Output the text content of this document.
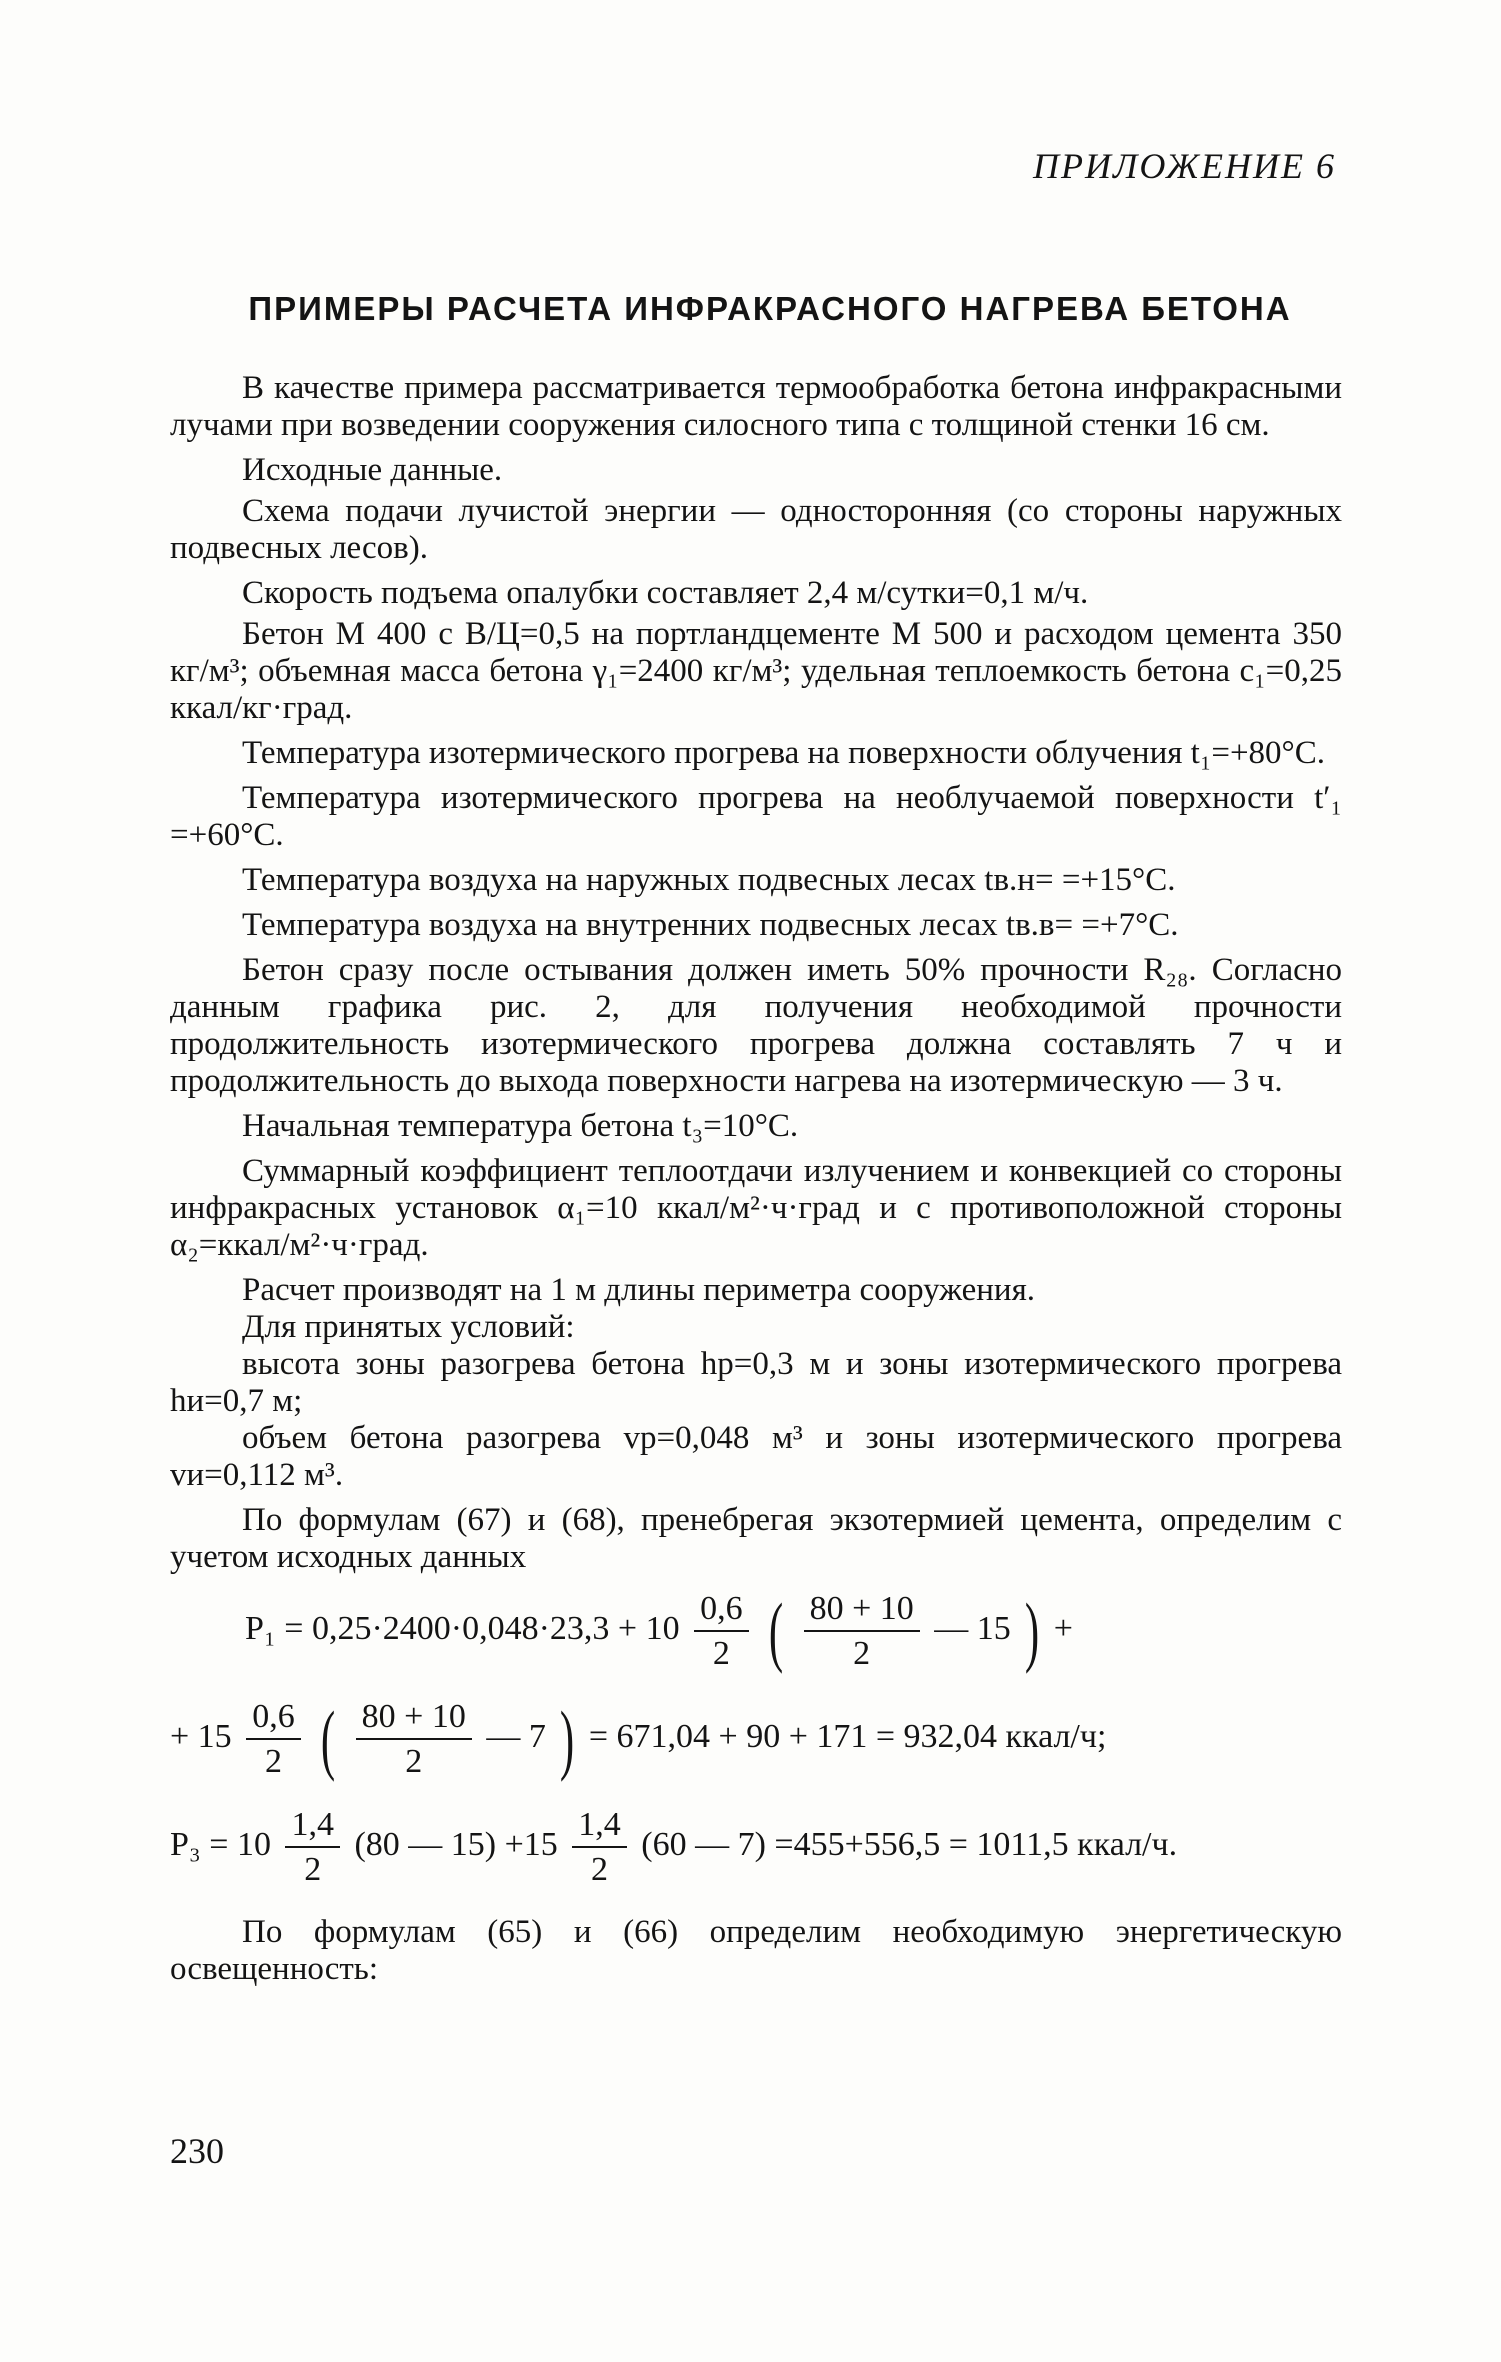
ПРИЛОЖЕНИЕ 6
ПРИМЕРЫ РАСЧЕТА ИНФРАКРАСНОГО НАГРЕВА БЕТОНА

В качестве примера рассматривается термообработка бетона инфракрасными лучами при возведении сооружения силосного типа с толщиной стенки 16 см.

Исходные данные.

Схема подачи лучистой энергии — односторонняя (со стороны наружных подвесных лесов).

Скорость подъема опалубки составляет 2,4 м/сутки=0,1 м/ч.

Бетон М 400 с В/Ц=0,5 на портландцементе М 500 и расходом цемента 350 кг/м³; объемная масса бетона γ₁=2400 кг/м³; удельная теплоемкость бетона c₁=0,25 ккал/кг·град.

Температура изотермического прогрева на поверхности облучения t₁=+80°С.

Температура изотермического прогрева на необлучаемой поверхности t′₁ =+60°С.

Температура воздуха на наружных подвесных лесах tв.н= =+15°С.

Температура воздуха на внутренних подвесных лесах tв.в= =+7°С.

Бетон сразу после остывания должен иметь 50% прочности R₂₈. Согласно данным графика рис. 2, для получения необходимой прочности продолжительность изотермического прогрева должна составлять 7 ч и продолжительность до выхода поверхности нагрева на изотермическую — 3 ч.

Начальная температура бетона t₃=10°С.

Суммарный коэффициент теплоотдачи излучением и конвекцией со стороны инфракрасных установок α₁=10 ккал/м²·ч·град и с противоположной стороны α₂=ккал/м²·ч·град.

Расчет производят на 1 м длины периметра сооружения.

Для принятых условий:

высота зоны разогрева бетона hр=0,3 м и зоны изотермического прогрева hи=0,7 м;

объем бетона разогрева vр=0,048 м³ и зоны изотермического прогрева vи=0,112 м³.

По формулам (67) и (68), пренебрегая экзотермией цемента, определим с учетом исходных данных

$P_1 = 0,25\cdot 2400\cdot 0,048\cdot 23,3 + 10 \frac{0,6}{2}$ ( $\frac{80 + 10}{2}$ — 15 ) +
+ $15 \frac{0,6}{2}$ ( $\frac{80 + 10}{2}$ — 7 ) = 671,04 + 90 + 171 = 932,04 ккал/ч;
$P_3 = 10 \frac{1,4}{2} (80$ — $15) +15 \frac{1,4}{2} (60$ — 7) =455+556,5 = 1011,5 ккал/ч.

По формулам (65) и (66) определим необходимую энергетическую освещенность:

230
